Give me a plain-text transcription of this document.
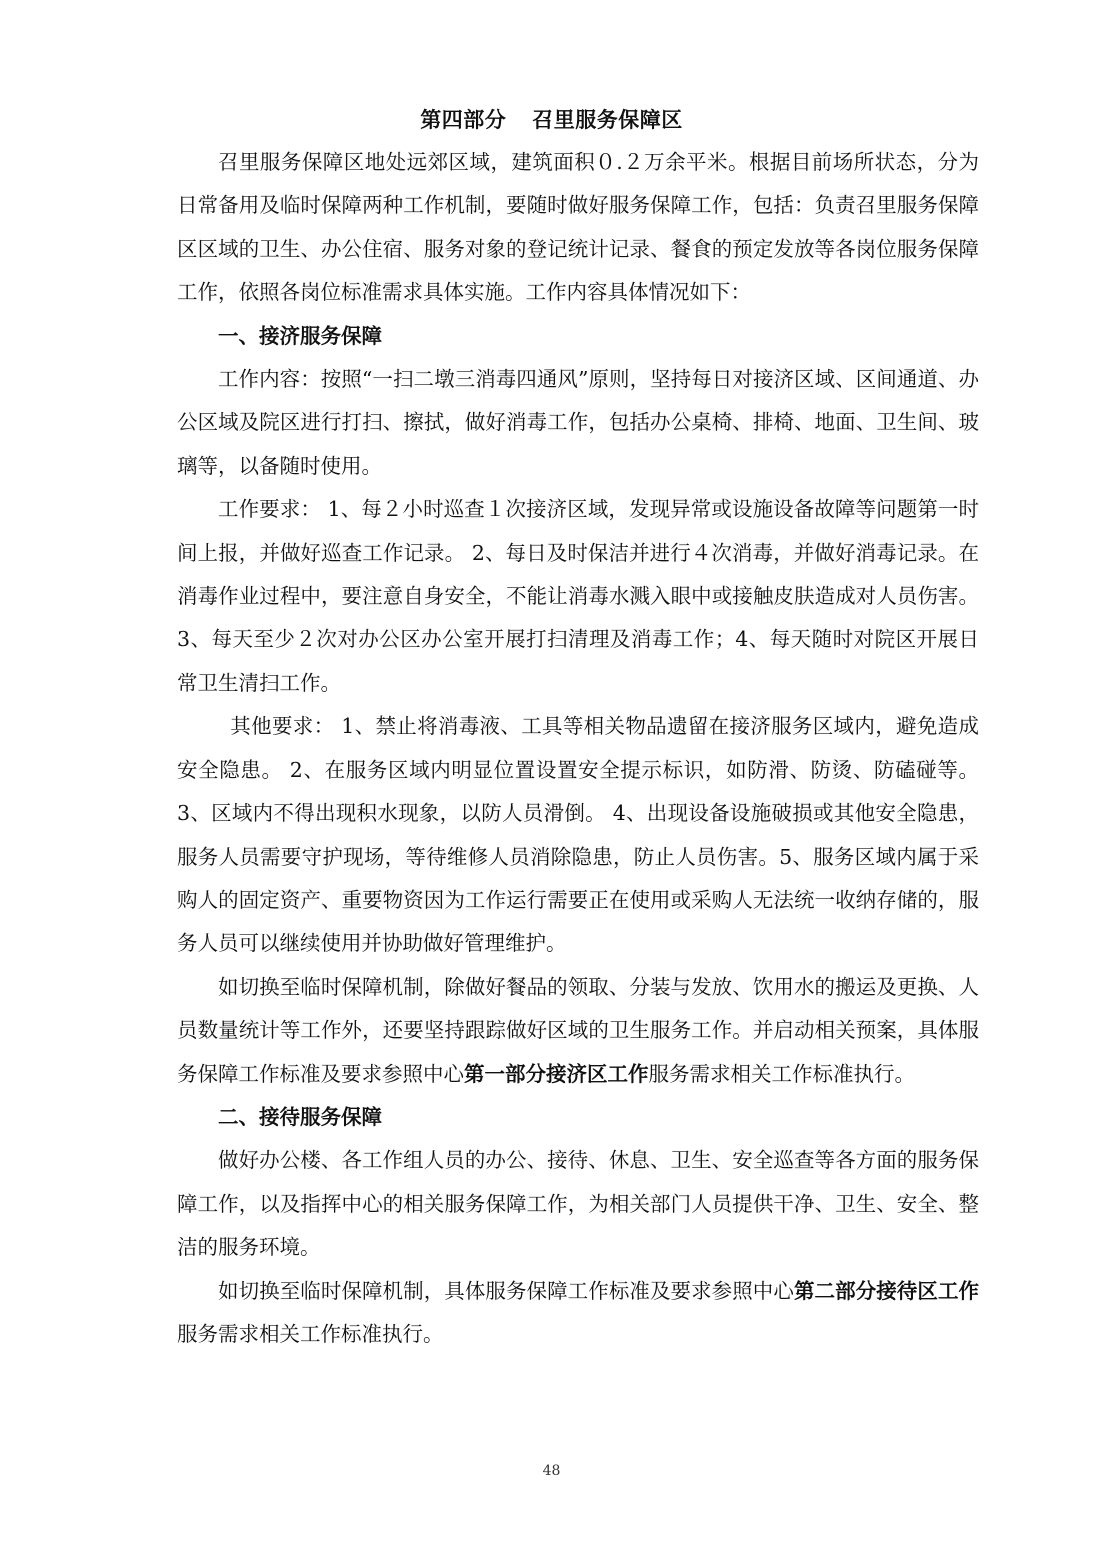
第四部分 召里服务保障区

召里服务保障区地处远郊区域，建筑面积０.２万余平米。根据目前场所状态，分为日常备用及临时保障两种工作机制，要随时做好服务保障工作，包括：负责召里服务保障区区域的卫生、办公住宿、服务对象的登记统计记录、餐食的预定发放等各岗位服务保障工作，依照各岗位标准需求具体实施。工作内容具体情况如下：

一、接济服务保障

工作内容：按照“一扫二墩三消毒四通风”原则，坚持每日对接济区域、区间通道、办公区域及院区进行打扫、擦拭，做好消毒工作，包括办公桌椅、排椅、地面、卫生间、玻璃等，以备随时使用。

工作要求： 1、每２小时巡查１次接济区域，发现异常或设施设备故障等问题第一时间上报，并做好巡查工作记录。 2、每日及时保洁并进行４次消毒，并做好消毒记录。在消毒作业过程中，要注意自身安全，不能让消毒水溅入眼中或接触皮肤造成对人员伤害。3、每天至少２次对办公区办公室开展打扫清理及消毒工作；4、每天随时对院区开展日常卫生清扫工作。

其他要求： 1、禁止将消毒液、工具等相关物品遗留在接济服务区域内，避免造成安全隐患。 2、在服务区域内明显位置设置安全提示标识，如防滑、防烫、防磕碰等。 3、区域内不得出现积水现象，以防人员滑倒。 4、出现设备设施破损或其他安全隐患，服务人员需要守护现场，等待维修人员消除隐患，防止人员伤害。5、服务区域内属于采购人的固定资产、重要物资因为工作运行需要正在使用或采购人无法统一收纳存储的，服务人员可以继续使用并协助做好管理维护。

如切换至临时保障机制，除做好餐品的领取、分装与发放、饮用水的搬运及更换、人员数量统计等工作外，还要坚持跟踪做好区域的卫生服务工作。并启动相关预案，具体服务保障工作标准及要求参照中心第一部分接济区工作服务需求相关工作标准执行。

二、接待服务保障

做好办公楼、各工作组人员的办公、接待、休息、卫生、安全巡查等各方面的服务保障工作，以及指挥中心的相关服务保障工作，为相关部门人员提供干净、卫生、安全、整洁的服务环境。

如切换至临时保障机制，具体服务保障工作标准及要求参照中心第二部分接待区工作服务需求相关工作标准执行。

48
